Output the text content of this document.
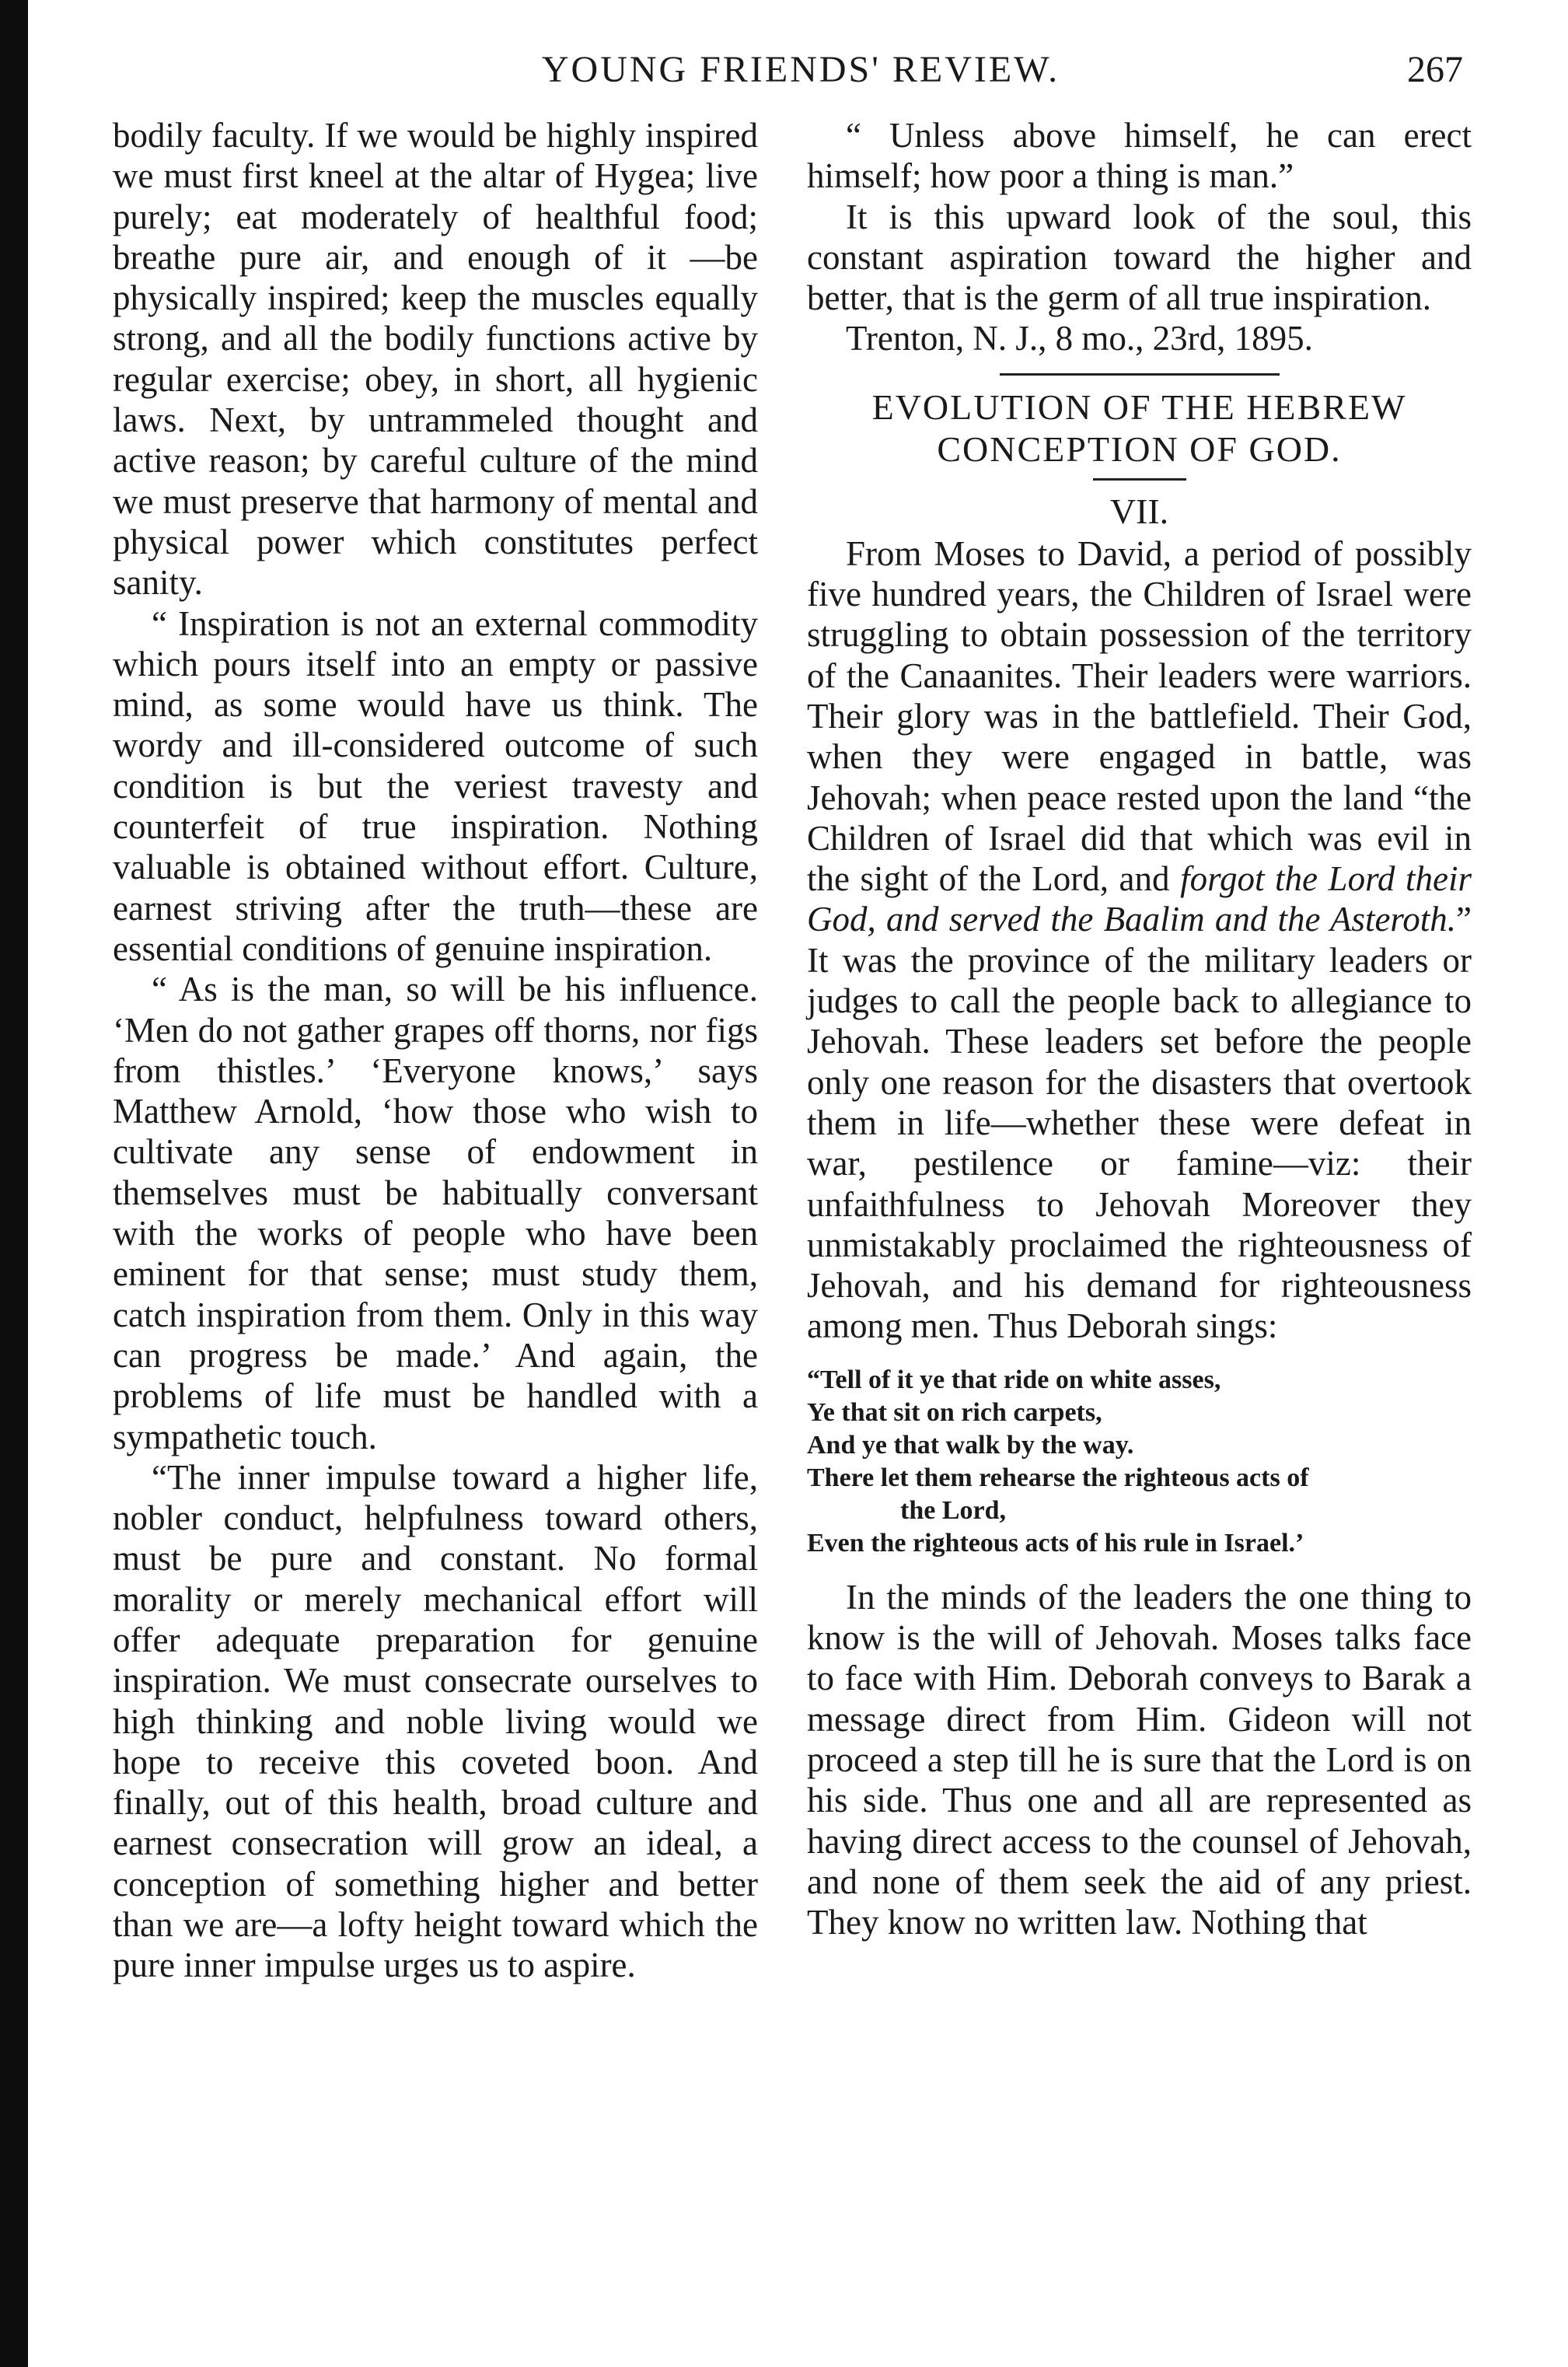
YOUNG FRIENDS' REVIEW.	267

bodily faculty. If we would be highly inspired we must first kneel at the altar of Hygea; live purely; eat moderately of healthful food; breathe pure air, and enough of it —be physically inspired; keep the muscles equally strong, and all the bodily functions active by regular exercise; obey, in short, all hygienic laws. Next, by untrammeled thought and active reason; by careful culture of the mind we must preserve that harmony of mental and physical power which constitutes perfect sanity.

“ Inspiration is not an external commodity which pours itself into an empty or passive mind, as some would have us think. The wordy and ill-considered outcome of such condition is but the veriest travesty and counterfeit of true inspiration. Nothing valuable is obtained without effort. Culture, earnest striving after the truth—these are essential conditions of genuine inspiration.

“ As is the man, so will be his influence. ‘Men do not gather grapes off thorns, nor figs from thistles.’ ‘Everyone knows,’ says Matthew Arnold, ‘how those who wish to cultivate any sense of endowment in themselves must be habitually conversant with the works of people who have been eminent for that sense; must study them, catch inspiration from them. Only in this way can progress be made.’ And again, the problems of life must be handled with a sympathetic touch.

“The inner impulse toward a higher life, nobler conduct, helpfulness toward others, must be pure and constant. No formal morality or merely mechanical effort will offer adequate preparation for genuine inspiration. We must consecrate ourselves to high thinking and noble living would we hope to receive this coveted boon. And finally, out of this health, broad culture and earnest consecration will grow an ideal, a conception of something higher and better than we are—a lofty height toward which the pure inner impulse urges us to aspire.

“ Unless above himself, he can erect himself; how poor a thing is man.”

It is this upward look of the soul, this constant aspiration toward the higher and better, that is the germ of all true inspiration.

Trenton, N. J., 8 mo., 23rd, 1895.

EVOLUTION OF THE HEBREW
CONCEPTION OF GOD.
VII.

From Moses to David, a period of possibly five hundred years, the Children of Israel were struggling to obtain possession of the territory of the Canaanites. Their leaders were warriors. Their glory was in the battlefield. Their God, when they were engaged in battle, was Jehovah; when peace rested upon the land “the Children of Israel did that which was evil in the sight of the Lord, and forgot the Lord their God, and served the Baalim and the Asteroth.” It was the province of the military leaders or judges to call the people back to allegiance to Jehovah. These leaders set before the people only one reason for the disasters that overtook them in life—whether these were defeat in war, pestilence or famine—viz: their unfaithfulness to Jehovah Moreover they unmistakably proclaimed the righteousness of Jehovah, and his demand for righteousness among men. Thus Deborah sings:

“Tell of it ye that ride on white asses,
Ye that sit on rich carpets,
And ye that walk by the way.
There let them rehearse the righteous acts of
the Lord,
Even the righteous acts of his rule in Israel.’

In the minds of the leaders the one thing to know is the will of Jehovah. Moses talks face to face with Him. Deborah conveys to Barak a message direct from Him. Gideon will not proceed a step till he is sure that the Lord is on his side. Thus one and all are represented as having direct access to the counsel of Jehovah, and none of them seek the aid of any priest. They know no written law. Nothing that
